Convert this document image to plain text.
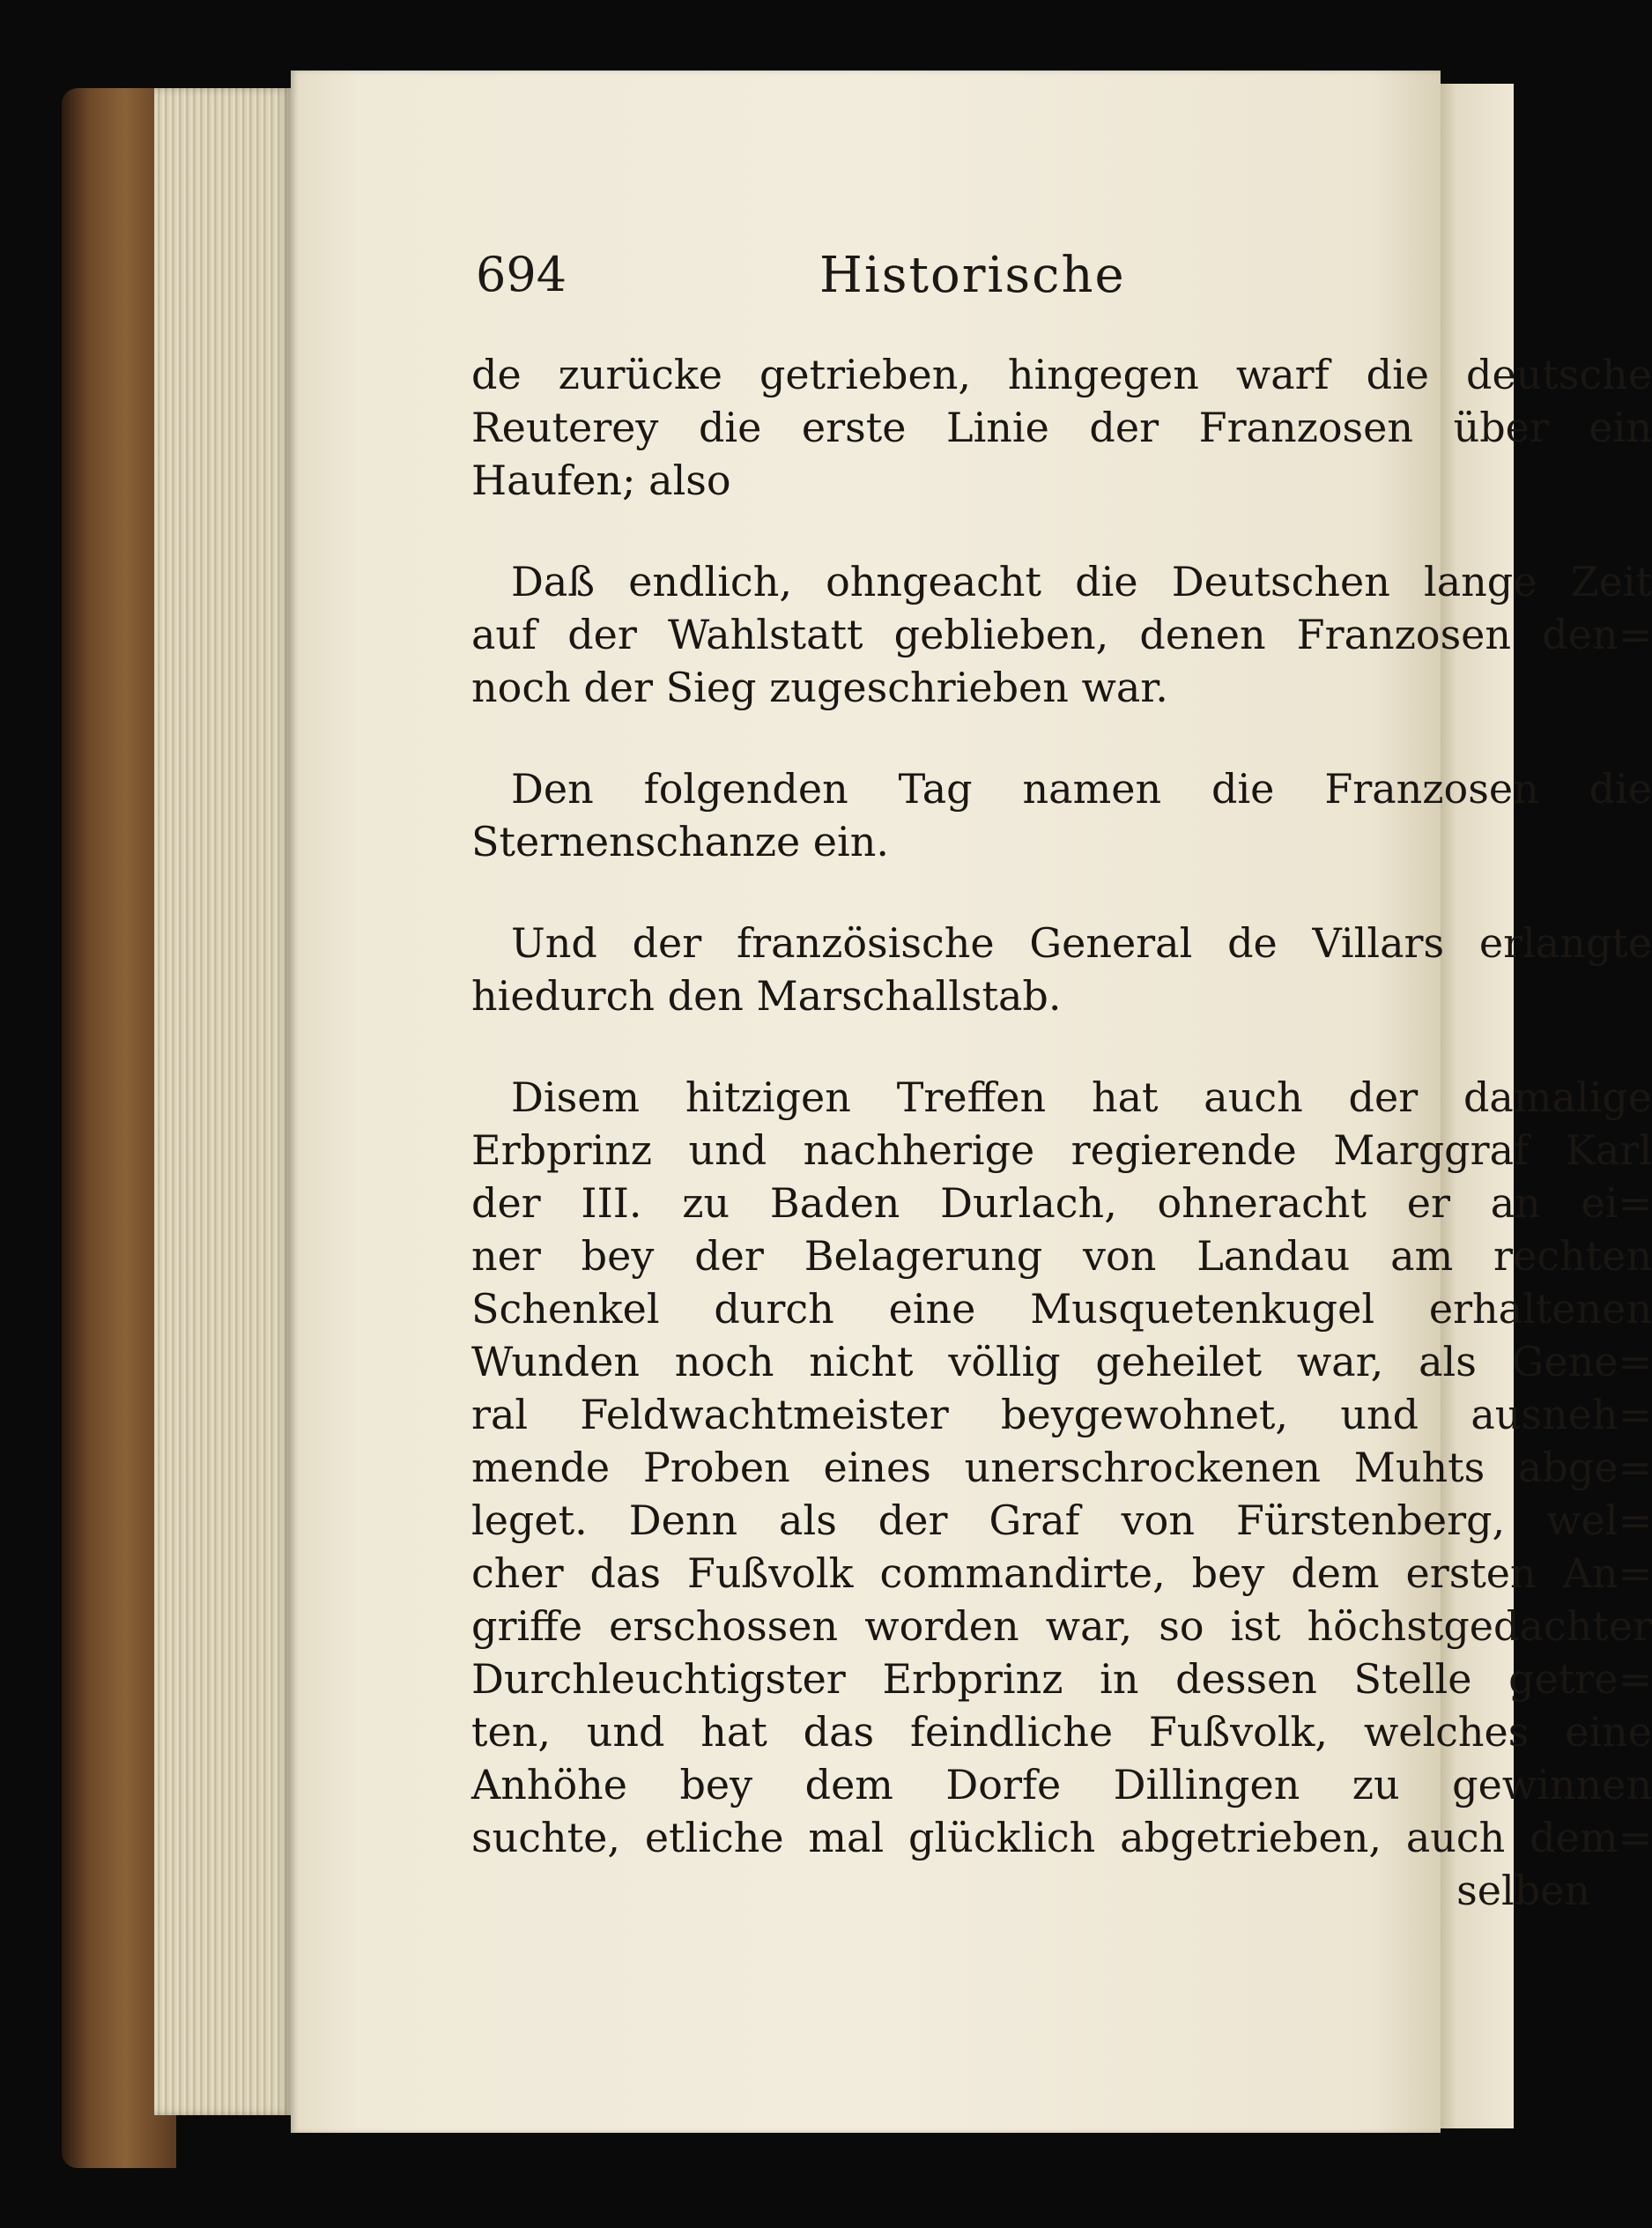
694	Historische
de zurücke getrieben, hingegen warf die deutsche
Reuterey die erste Linie der Franzosen über ein
Haufen; also
Daß endlich, ohngeacht die Deutschen lange Zeit
auf der Wahlstatt geblieben, denen Franzosen den=
noch der Sieg zugeschrieben war.
Den folgenden Tag namen die Franzosen die
Sternenschanze ein.
Und der französische General de Villars erlangte
hiedurch den Marschallstab.
Disem hitzigen Treffen hat auch der damalige
Erbprinz und nachherige regierende Marggraf Karl
der III. zu Baden Durlach, ohneracht er an ei=
ner bey der Belagerung von Landau am rechten
Schenkel durch eine Musquetenkugel erhaltenen
Wunden noch nicht völlig geheilet war, als Gene=
ral Feldwachtmeister beygewohnet, und ausneh=
mende Proben eines unerschrockenen Muhts abge=
leget. Denn als der Graf von Fürstenberg, wel=
cher das Fußvolk commandirte, bey dem ersten An=
griffe erschossen worden war, so ist höchstgedachter
Durchleuchtigster Erbprinz in dessen Stelle getre=
ten, und hat das feindliche Fußvolk, welches eine
Anhöhe bey dem Dorfe Dillingen zu gewinnen
suchte, etliche mal glücklich abgetrieben, auch dem=
selben
